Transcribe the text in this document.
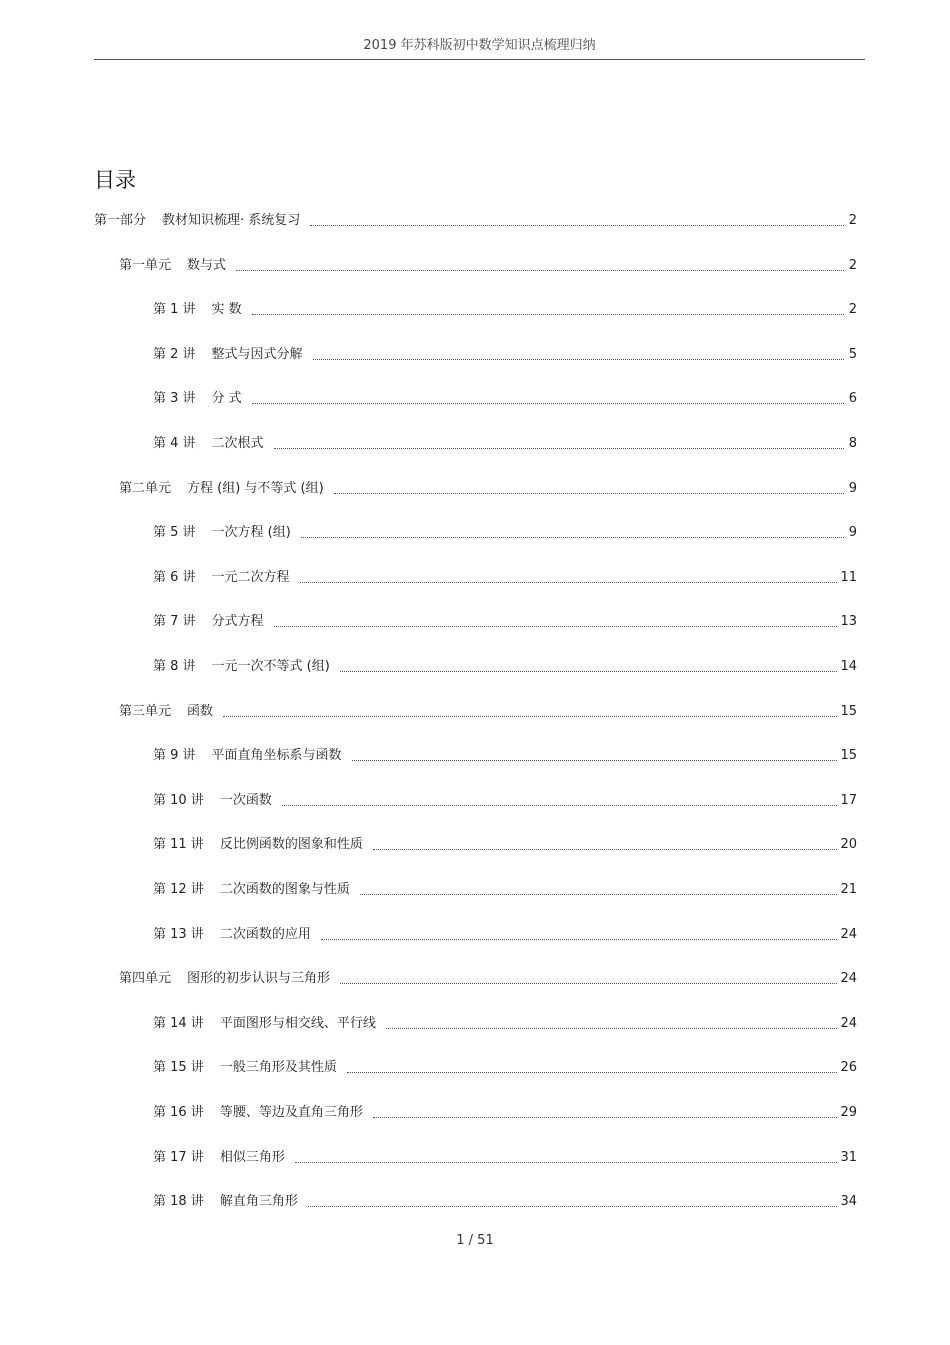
2019 年苏科版初中数学知识点梳理归纳
目录
第一部分	教材知识梳理· 系统复习	2
第一单元	数与式	2
第 1 讲	实 数	2
第 2 讲	整式与因式分解	5
第 3 讲	分 式	6
第 4 讲	二次根式	8
第二单元	方程 (组) 与不等式 (组)	9
第 5 讲	一次方程 (组)	9
第 6 讲	一元二次方程	11
第 7 讲	分式方程	13
第 8 讲	一元一次不等式 (组)	14
第三单元	函数	15
第 9 讲	平面直角坐标系与函数	15
第 10 讲	一次函数	17
第 11 讲	反比例函数的图象和性质	20
第 12 讲	二次函数的图象与性质	21
第 13 讲	二次函数的应用	24
第四单元	图形的初步认识与三角形	24
第 14 讲	平面图形与相交线、平行线	24
第 15 讲	一般三角形及其性质	26
第 16 讲	等腰、等边及直角三角形	29
第 17 讲	相似三角形	31
第 18 讲	解直角三角形	34
1 / 51
